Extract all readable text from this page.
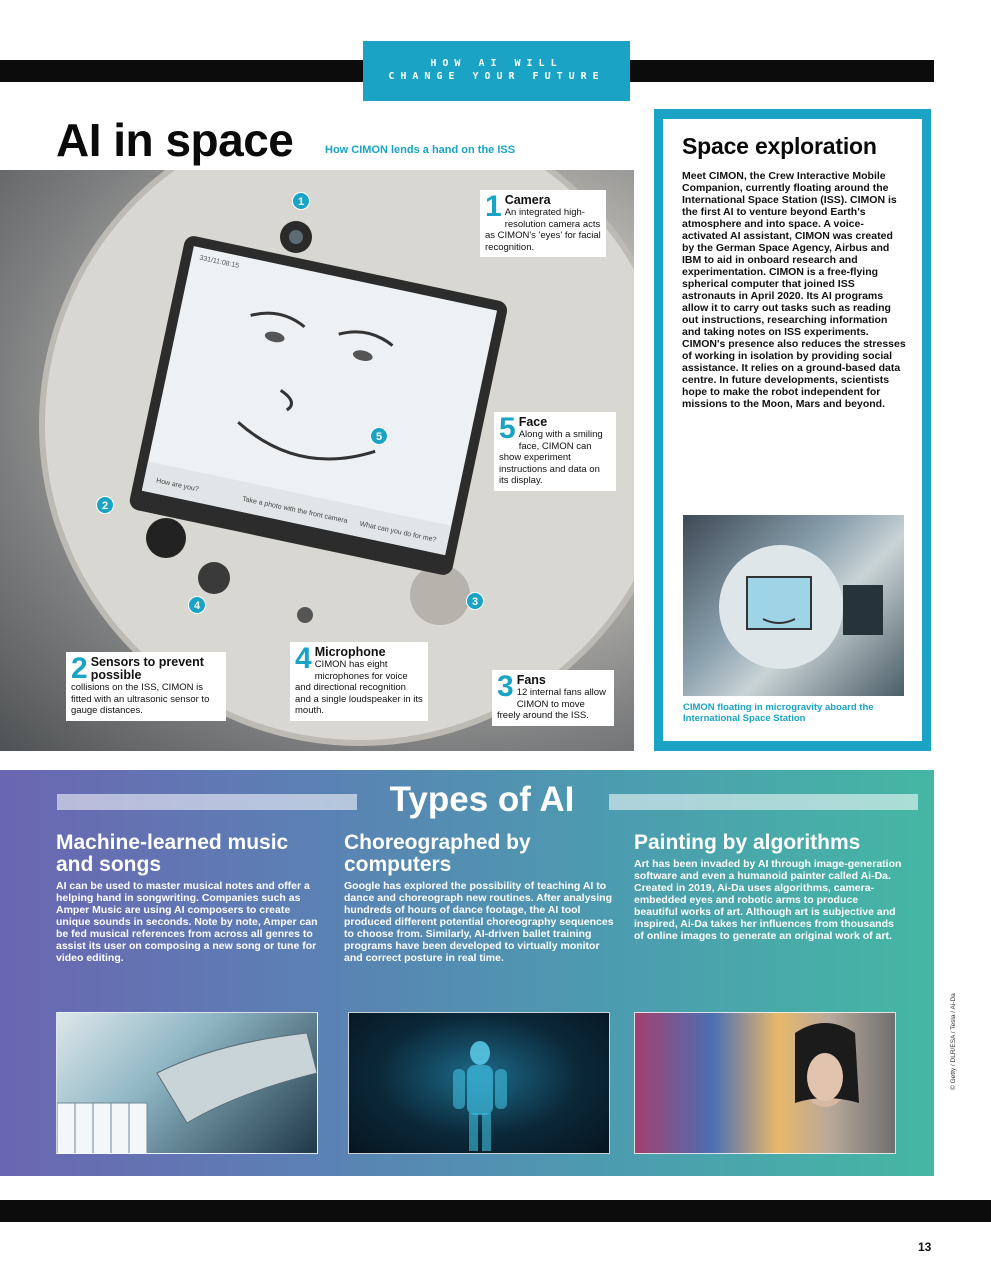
HOW AI WILL
CHANGE YOUR FUTURE
AI in space	How CIMON lends a hand on the ISS
How are you?
Take a photo with the front camera
What can you do for me?
331/11:08:15
1
2
3
4
5
1 Camera
An integrated high-resolution camera acts as CIMON's 'eyes' for facial recognition.
5 Face
Along with a smiling face, CIMON can show experiment instructions and data on its display.
2 Sensors to prevent possible
collisions on the ISS, CIMON is fitted with an ultrasonic sensor to gauge distances.
4 Microphone
CIMON has eight microphones for voice and directional recognition and a single loudspeaker in its mouth.
3 Fans
12 internal fans allow CIMON to move freely around the ISS.
Space exploration

Meet CIMON, the Crew Interactive Mobile Companion, currently floating around the International Space Station (ISS). CIMON is the first AI to venture beyond Earth's atmosphere and into space. A voice-activated AI assistant, CIMON was created by the German Space Agency, Airbus and IBM to aid in onboard research and experimentation. CIMON is a free-flying spherical computer that joined ISS astronauts in April 2020. Its AI programs allow it to carry out tasks such as reading out instructions, researching information and taking notes on ISS experiments. CIMON's presence also reduces the stresses of working in isolation by providing social assistance. It relies on a ground-based data centre. In future developments, scientists hope to make the robot independent for missions to the Moon, Mars and beyond.

CIMON floating in microgravity aboard the International Space Station
Types of AI
Machine-learned music and songs

AI can be used to master musical notes and offer a helping hand in songwriting. Companies such as Amper Music are using AI composers to create unique sounds in seconds. Note by note, Amper can be fed musical references from across all genres to assist its user on composing a new song or tune for video editing.

Choreographed by computers

Google has explored the possibility of teaching AI to dance and choreograph new routines. After analysing hundreds of hours of dance footage, the AI tool produced different potential choreography sequences to choose from. Similarly, AI-driven ballet training programs have been developed to virtually monitor and correct posture in real time.

Painting by algorithms

Art has been invaded by AI through image-generation software and even a humanoid painter called Ai-Da. Created in 2019, Ai-Da uses algorithms, camera-embedded eyes and robotic arms to produce beautiful works of art. Although art is subjective and inspired, Ai-Da takes her influences from thousands of online images to generate an original work of art.

© Getty / DLR/ESA / Tesla / Ai-Da
13
